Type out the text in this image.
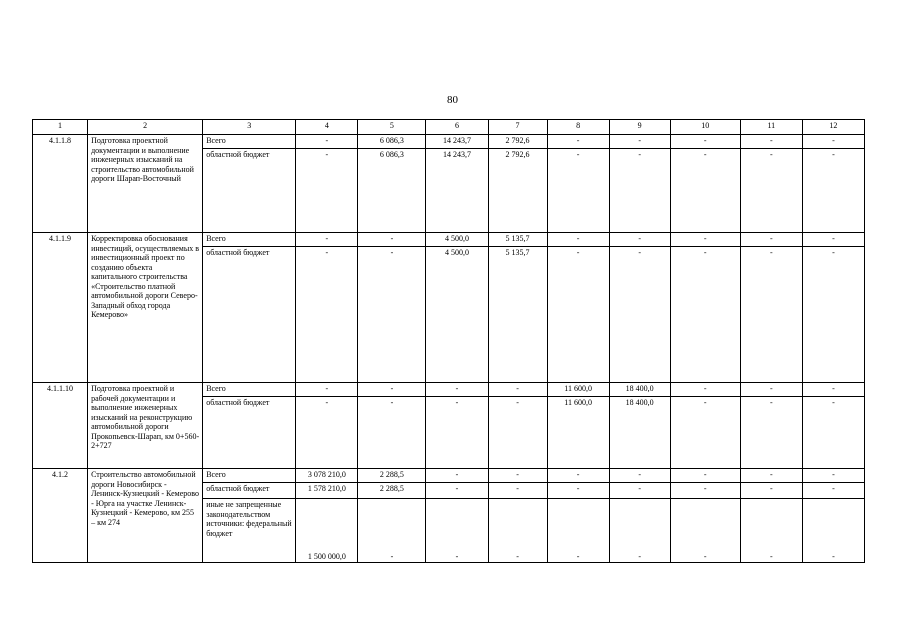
80
1	2	3	4	5	6	7	8	9	10	11	12
4.1.1.8	Подготовка проектной документации и выполнение инженерных изысканий на строительство автомобильной дороги Шарап-Восточный	Всего	-	6 086,3	14 243,7	2 792,6	-	-	-	-	-
		областной бюджет	-	6 086,3	14 243,7	2 792,6	-	-	-	-	-
4.1.1.9	Корректировка обоснования инвестиций, осуществляемых в инвестиционный проект по созданию объекта капитального строительства «Строительство платной автомобильной дороги Северо-Западный обход города Кемерово»	Всего	-	-	4 500,0	5 135,7	-	-	-	-	-
		областной бюджет	-	-	4 500,0	5 135,7	-	-	-	-	-
4.1.1.10	Подготовка проектной и рабочей документации и выполнение инженерных изысканий на реконструкцию автомобильной дороги Прокопьевск-Шарап, км 0+560-2+727	Всего	-	-	-	-	11 600,0	18 400,0	-	-	-
		областной бюджет	-	-	-	-	11 600,0	18 400,0	-	-	-
4.1.2	Строительство автомобильной дороги Новосибирск - Ленинск-Кузнецкий - Кемерово - Юрга на участке Ленинск-Кузнецкий - Кемерово, км 255 – км 274	Всего	3 078 210,0	2 288,5	-	-	-	-	-	-	-
		областной бюджет	1 578 210,0	2 288,5	-	-	-	-	-	-	-
		иные не запрещенные законодательством источники: федеральный бюджет	1 500 000,0	-	-	-	-	-	-	-	-
